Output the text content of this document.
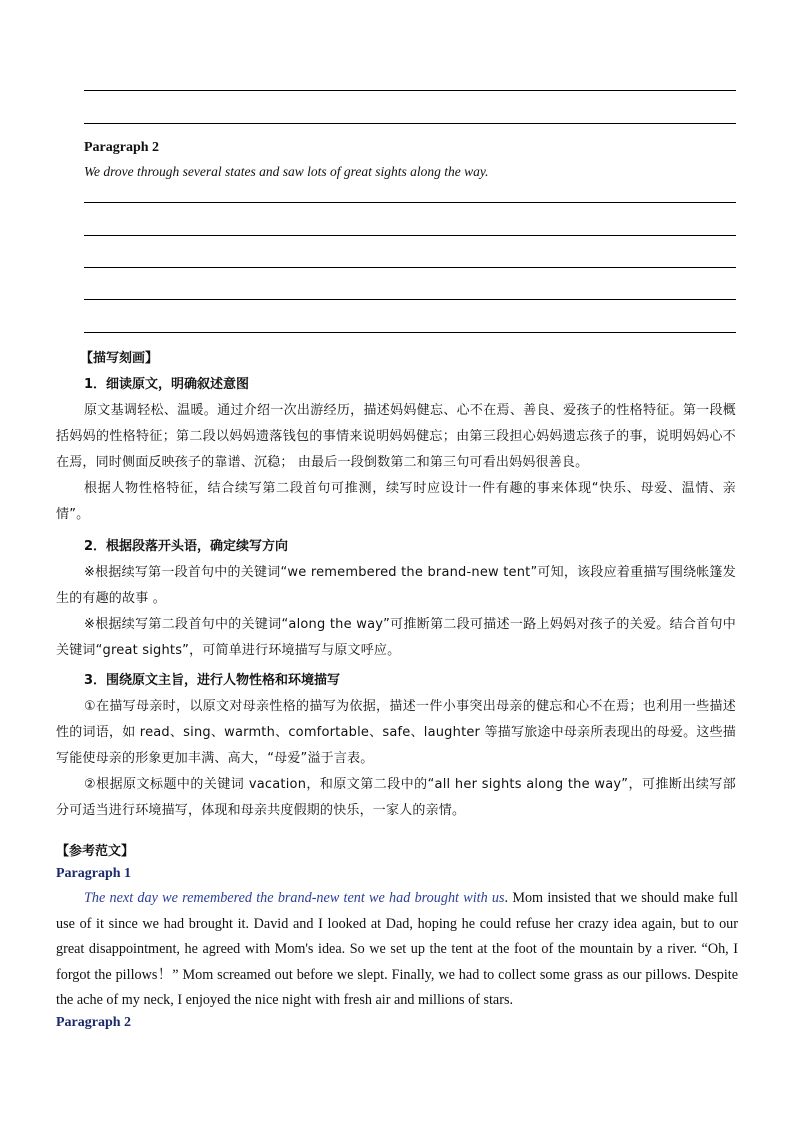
Paragraph 2
We drove through several states and saw lots of great sights along the way.
【描写刻画】
1．细读原文，明确叙述意图
原文基调轻松、温暖。通过介绍一次出游经历，描述妈妈健忘、心不在焉、善良、爱孩子的性格特征。第一段概括妈妈的性格特征；第二段以妈妈遗落钱包的事情来说明妈妈健忘；由第三段担心妈妈遗忘孩子的事，说明妈妈心不在焉，同时侧面反映孩子的靠谱、沉稳； 由最后一段倒数第二和第三句可看出妈妈很善良。
根据人物性格特征，结合续写第二段首句可推测，续写时应设计一件有趣的事来体现“快乐、母爱、温情、亲情”。
2．根据段落开头语，确定续写方向
※根据续写第一段首句中的关键词“we remembered the brand-new tent”可知，该段应着重描写围绕帐篷发生的有趣的故事 。
※根据续写第二段首句中的关键词“along the way”可推断第二段可描述一路上妈妈对孩子的关爱。结合首句中关键词“great sights”，可简单进行环境描写与原文呼应。
3．围绕原文主旨，进行人物性格和环境描写
①在描写母亲时，以原文对母亲性格的描写为依据，描述一件小事突出母亲的健忘和心不在焉；也利用一些描述性的词语，如 read、sing、warmth、comfortable、safe、laughter 等描写旅途中母亲所表现出的母爱。这些描写能使母亲的形象更加丰满、高大，“母爱”溢于言表。
②根据原文标题中的关键词 vacation，和原文第二段中的“all her sights along the way”，可推断出续写部分可适当进行环境描写，体现和母亲共度假期的快乐，一家人的亲情。
【参考范文】
Paragraph 1
The next day we remembered the brand-new tent we had brought with us. Mom insisted that we should make full use of it since we had brought it. David and I looked at Dad, hoping he could refuse her crazy idea again, but to our great disappointment, he agreed with Mom's idea. So we set up the tent at the foot of the mountain by a river. “Oh, I forgot the pillows！” Mom screamed out before we slept. Finally, we had to collect some grass as our pillows. Despite the ache of my neck, I enjoyed the nice night with fresh air and millions of stars.
Paragraph 2
